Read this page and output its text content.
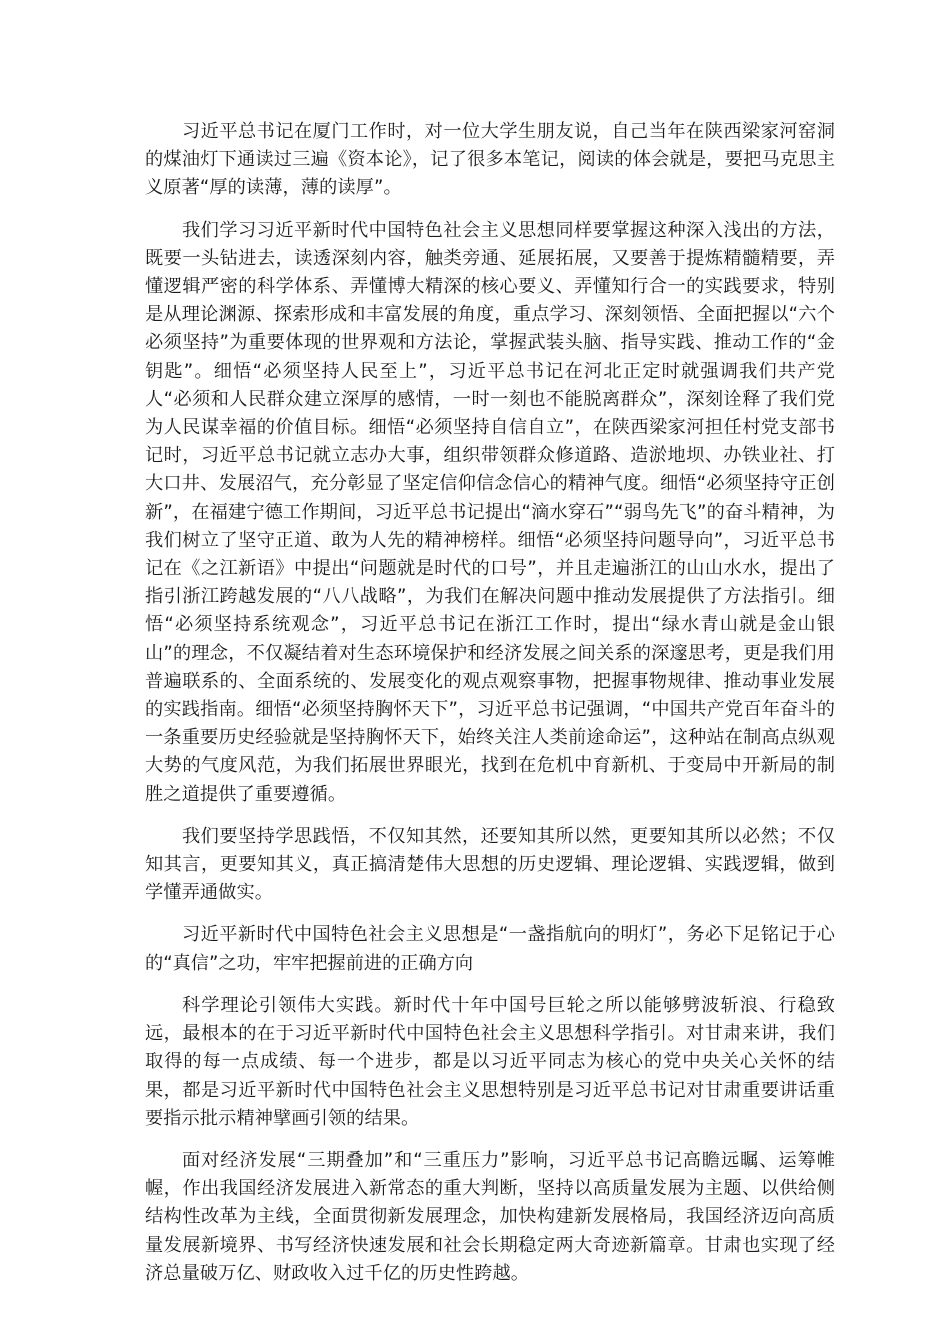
习近平总书记在厦门工作时，对一位大学生朋友说，自己当年在陕西梁家河窑洞的煤油灯下通读过三遍《资本论》，记了很多本笔记，阅读的体会就是，要把马克思主义原著“厚的读薄，薄的读厚”。

我们学习习近平新时代中国特色社会主义思想同样要掌握这种深入浅出的方法，既要一头钻进去，读透深刻内容，触类旁通、延展拓展，又要善于提炼精髓精要，弄懂逻辑严密的科学体系、弄懂博大精深的核心要义、弄懂知行合一的实践要求，特别是从理论渊源、探索形成和丰富发展的角度，重点学习、深刻领悟、全面把握以“六个必须坚持”为重要体现的世界观和方法论，掌握武装头脑、指导实践、推动工作的“金钥匙”。细悟“必须坚持人民至上”，习近平总书记在河北正定时就强调我们共产党人“必须和人民群众建立深厚的感情，一时一刻也不能脱离群众”，深刻诠释了我们党为人民谋幸福的价值目标。细悟“必须坚持自信自立”，在陕西梁家河担任村党支部书记时，习近平总书记就立志办大事，组织带领群众修道路、造淤地坝、办铁业社、打大口井、发展沼气，充分彰显了坚定信仰信念信心的精神气度。细悟“必须坚持守正创新”，在福建宁德工作期间，习近平总书记提出“滴水穿石”“弱鸟先飞”的奋斗精神，为我们树立了坚守正道、敢为人先的精神榜样。细悟“必须坚持问题导向”，习近平总书记在《之江新语》中提出“问题就是时代的口号”，并且走遍浙江的山山水水，提出了指引浙江跨越发展的“八八战略”，为我们在解决问题中推动发展提供了方法指引。细悟“必须坚持系统观念”，习近平总书记在浙江工作时，提出“绿水青山就是金山银山”的理念，不仅凝结着对生态环境保护和经济发展之间关系的深邃思考，更是我们用普遍联系的、全面系统的、发展变化的观点观察事物，把握事物规律、推动事业发展的实践指南。细悟“必须坚持胸怀天下”，习近平总书记强调，“中国共产党百年奋斗的一条重要历史经验就是坚持胸怀天下，始终关注人类前途命运”，这种站在制高点纵观大势的气度风范，为我们拓展世界眼光，找到在危机中育新机、于变局中开新局的制胜之道提供了重要遵循。

我们要坚持学思践悟，不仅知其然，还要知其所以然，更要知其所以必然；不仅知其言，更要知其义，真正搞清楚伟大思想的历史逻辑、理论逻辑、实践逻辑，做到学懂弄通做实。

习近平新时代中国特色社会主义思想是“一盏指航向的明灯”，务必下足铭记于心的“真信”之功，牢牢把握前进的正确方向

科学理论引领伟大实践。新时代十年中国号巨轮之所以能够劈波斩浪、行稳致远，最根本的在于习近平新时代中国特色社会主义思想科学指引。对甘肃来讲，我们取得的每一点成绩、每一个进步，都是以习近平同志为核心的党中央关心关怀的结果，都是习近平新时代中国特色社会主义思想特别是习近平总书记对甘肃重要讲话重要指示批示精神擘画引领的结果。

面对经济发展“三期叠加”和“三重压力”影响，习近平总书记高瞻远瞩、运筹帷幄，作出我国经济发展进入新常态的重大判断，坚持以高质量发展为主题、以供给侧结构性改革为主线，全面贯彻新发展理念，加快构建新发展格局，我国经济迈向高质量发展新境界、书写经济快速发展和社会长期稳定两大奇迹新篇章。甘肃也实现了经济总量破万亿、财政收入过千亿的历史性跨越。
